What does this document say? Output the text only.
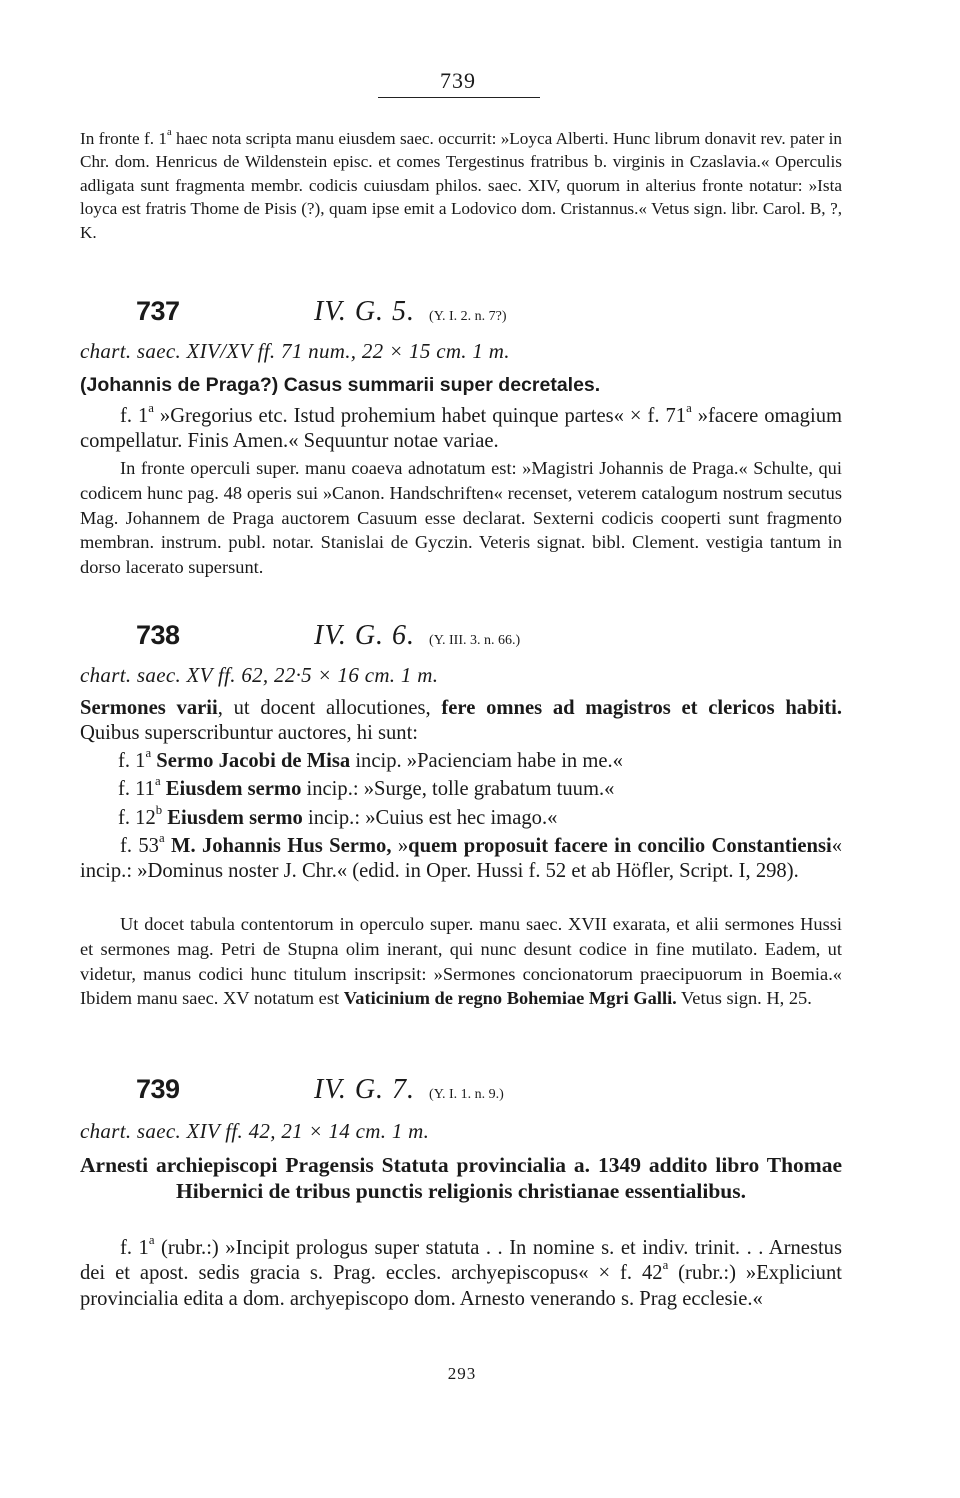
739
In fronte f. 1$^a$ haec nota scripta manu eiusdem saec. occurrit: »Loyca Alberti. Hunc librum donavit rev. pater in Chr. dom. Henricus de Wildenstein episc. et comes Tergestinus fratribus b. virginis in Czaslavia.« Operculis adligata sunt fragmenta membr. codicis cuiusdam philos. saec. XIV, quorum in alterius fronte notatur: »Ista loyca est fratris Thome de Pisis (?), quam ipse emit a Lodovico dom. Cristannus.« Vetus sign. libr. Carol. B, ?, K.
737	IV. G. 5. (Y. I. 2. n. 7?)
chart. saec. XIV/XV ff. 71 num., 22 × 15 cm. 1 m.
(Johannis de Praga?) Casus summarii super decretales.
f. 1$^a$ »Gregorius etc. Istud prohemium habet quinque partes« × f. 71$^a$ »facere omagium compellatur. Finis Amen.« Sequuntur notae variae.
In fronte operculi super. manu coaeva adnotatum est: »Magistri Johannis de Praga.« Schulte, qui codicem hunc pag. 48 operis sui »Canon. Handschriften« recenset, veterem catalogum nostrum secutus Mag. Johannem de Praga auctorem Casuum esse declarat. Sexterni codicis cooperti sunt fragmento membran. instrum. publ. notar. Stanislai de Gyczin. Veteris signat. bibl. Clement. vestigia tantum in dorso lacerato supersunt.
738	IV. G. 6. (Y. III. 3. n. 66.)
chart. saec. XV ff. 62, 22·5 × 16 cm. 1 m.
Sermones varii, ut docent allocutiones, fere omnes ad magistros et clericos habiti. Quibus superscribuntur auctores, hi sunt:
f. 1$^a$ Sermo Jacobi de Misa incip. »Pacienciam habe in me.«
f. 11$^a$ Eiusdem sermo incip.: »Surge, tolle grabatum tuum.«
f. 12$^b$ Eiusdem sermo incip.: »Cuius est hec imago.«
f. 53$^a$ M. Johannis Hus Sermo, »quem proposuit facere in concilio Constantiensi« incip.: »Dominus noster J. Chr.« (edid. in Oper. Hussi f. 52 et ab Höfler, Script. I, 298).
Ut docet tabula contentorum in operculo super. manu saec. XVII exarata, et alii sermones Hussi et sermones mag. Petri de Stupna olim inerant, qui nunc desunt codice in fine mutilato. Eadem, ut videtur, manus codici hunc titulum inscripsit: »Sermones concionatorum praecipuorum in Boemia.« Ibidem manu saec. XV notatum est Vaticinium de regno Bohemiae Mgri Galli. Vetus sign. H, 25.
739	IV. G. 7. (Y. I. 1. n. 9.)
chart. saec. XIV ff. 42, 21 × 14 cm. 1 m.
Arnesti archiepiscopi Pragensis Statuta provincialia a. 1349 addito libro Thomae Hibernici de tribus punctis religionis christianae essentialibus.
f. 1$^a$ (rubr.:) »Incipit prologus super statuta . . In nomine s. et indiv. trinit. . . Arnestus dei et apost. sedis gracia s. Prag. eccles. archyepiscopus« × f. 42$^a$ (rubr.:) »Expliciunt provincialia edita a dom. archyepiscopo dom. Arnesto venerando s. Prag ecclesie.«
293
